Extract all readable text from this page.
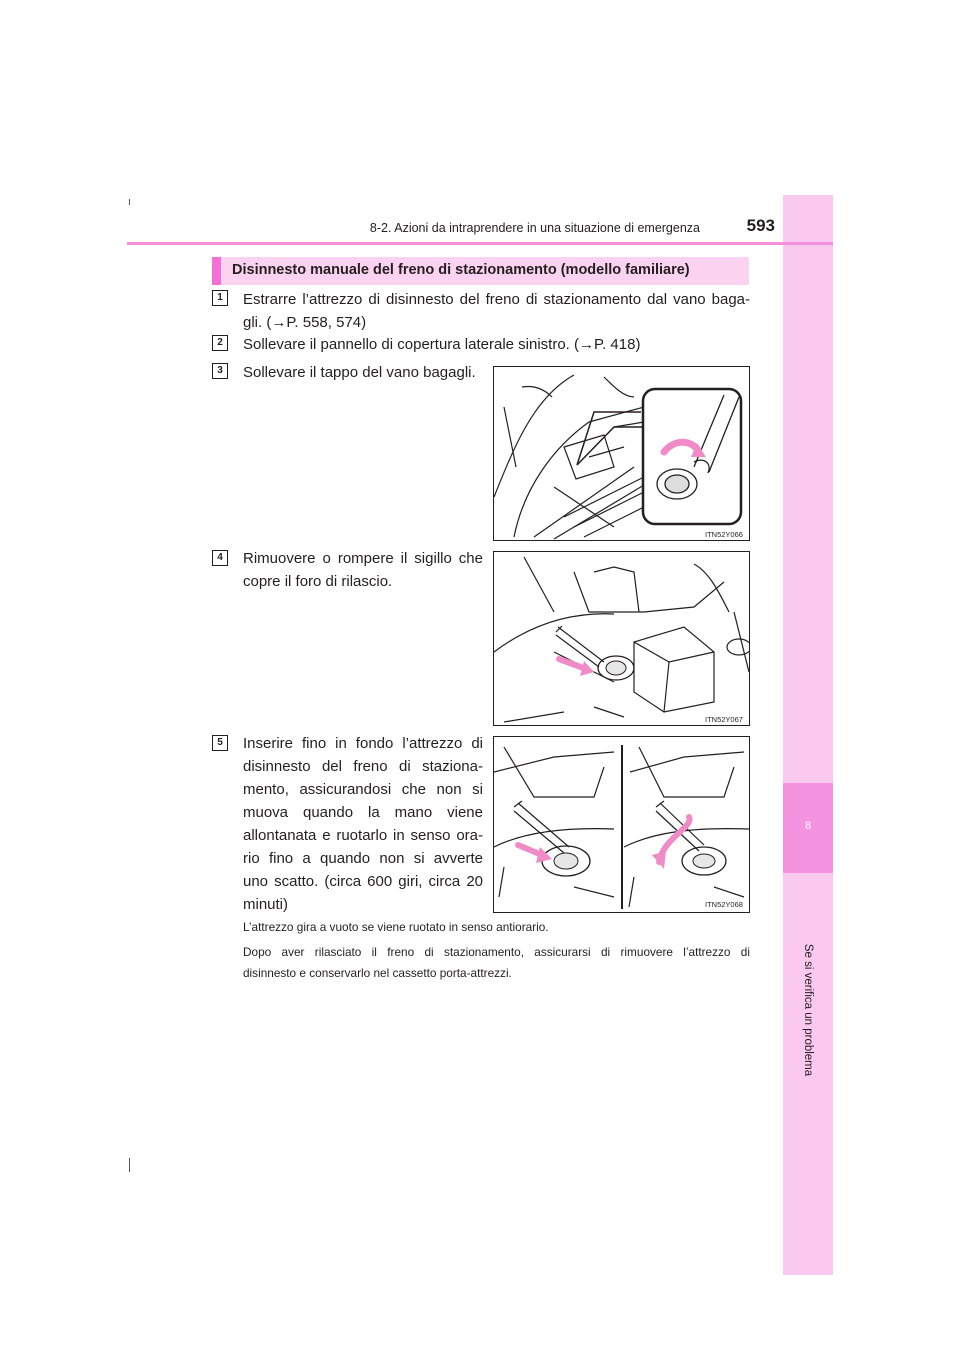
8
Se si verifica un problema
8-2. Azioni da intraprendere in una situazione di emergenza	593
Disinnesto manuale del freno di stazionamento (modello familiare)
1	Estrarre l’attrezzo di disinnesto del freno di stazionamento dal vano baga-
gli. (→P. 558, 574)
2	Sollevare il pannello di copertura laterale sinistro. (→P. 418)
3	Sollevare il tappo del vano bagagli.
ITN52Y066
4	Rimuovere o rompere il sigillo che
copre il foro di rilascio.
ITN52Y067
5	Inserire fino in fondo l’attrezzo di
disinnesto del freno di staziona-
mento, assicurandosi che non si
muova quando la mano viene
allontanata e ruotarlo in senso ora-
rio fino a quando non si avverte
uno scatto. (circa 600 giri, circa 20
minuti)	ITN52Y068
L’attrezzo gira a vuoto se viene ruotato in senso antiorario.
Dopo aver rilasciato il freno di stazionamento, assicurarsi di rimuovere l’attrezzo di
disinnesto e conservarlo nel cassetto porta-attrezzi.
